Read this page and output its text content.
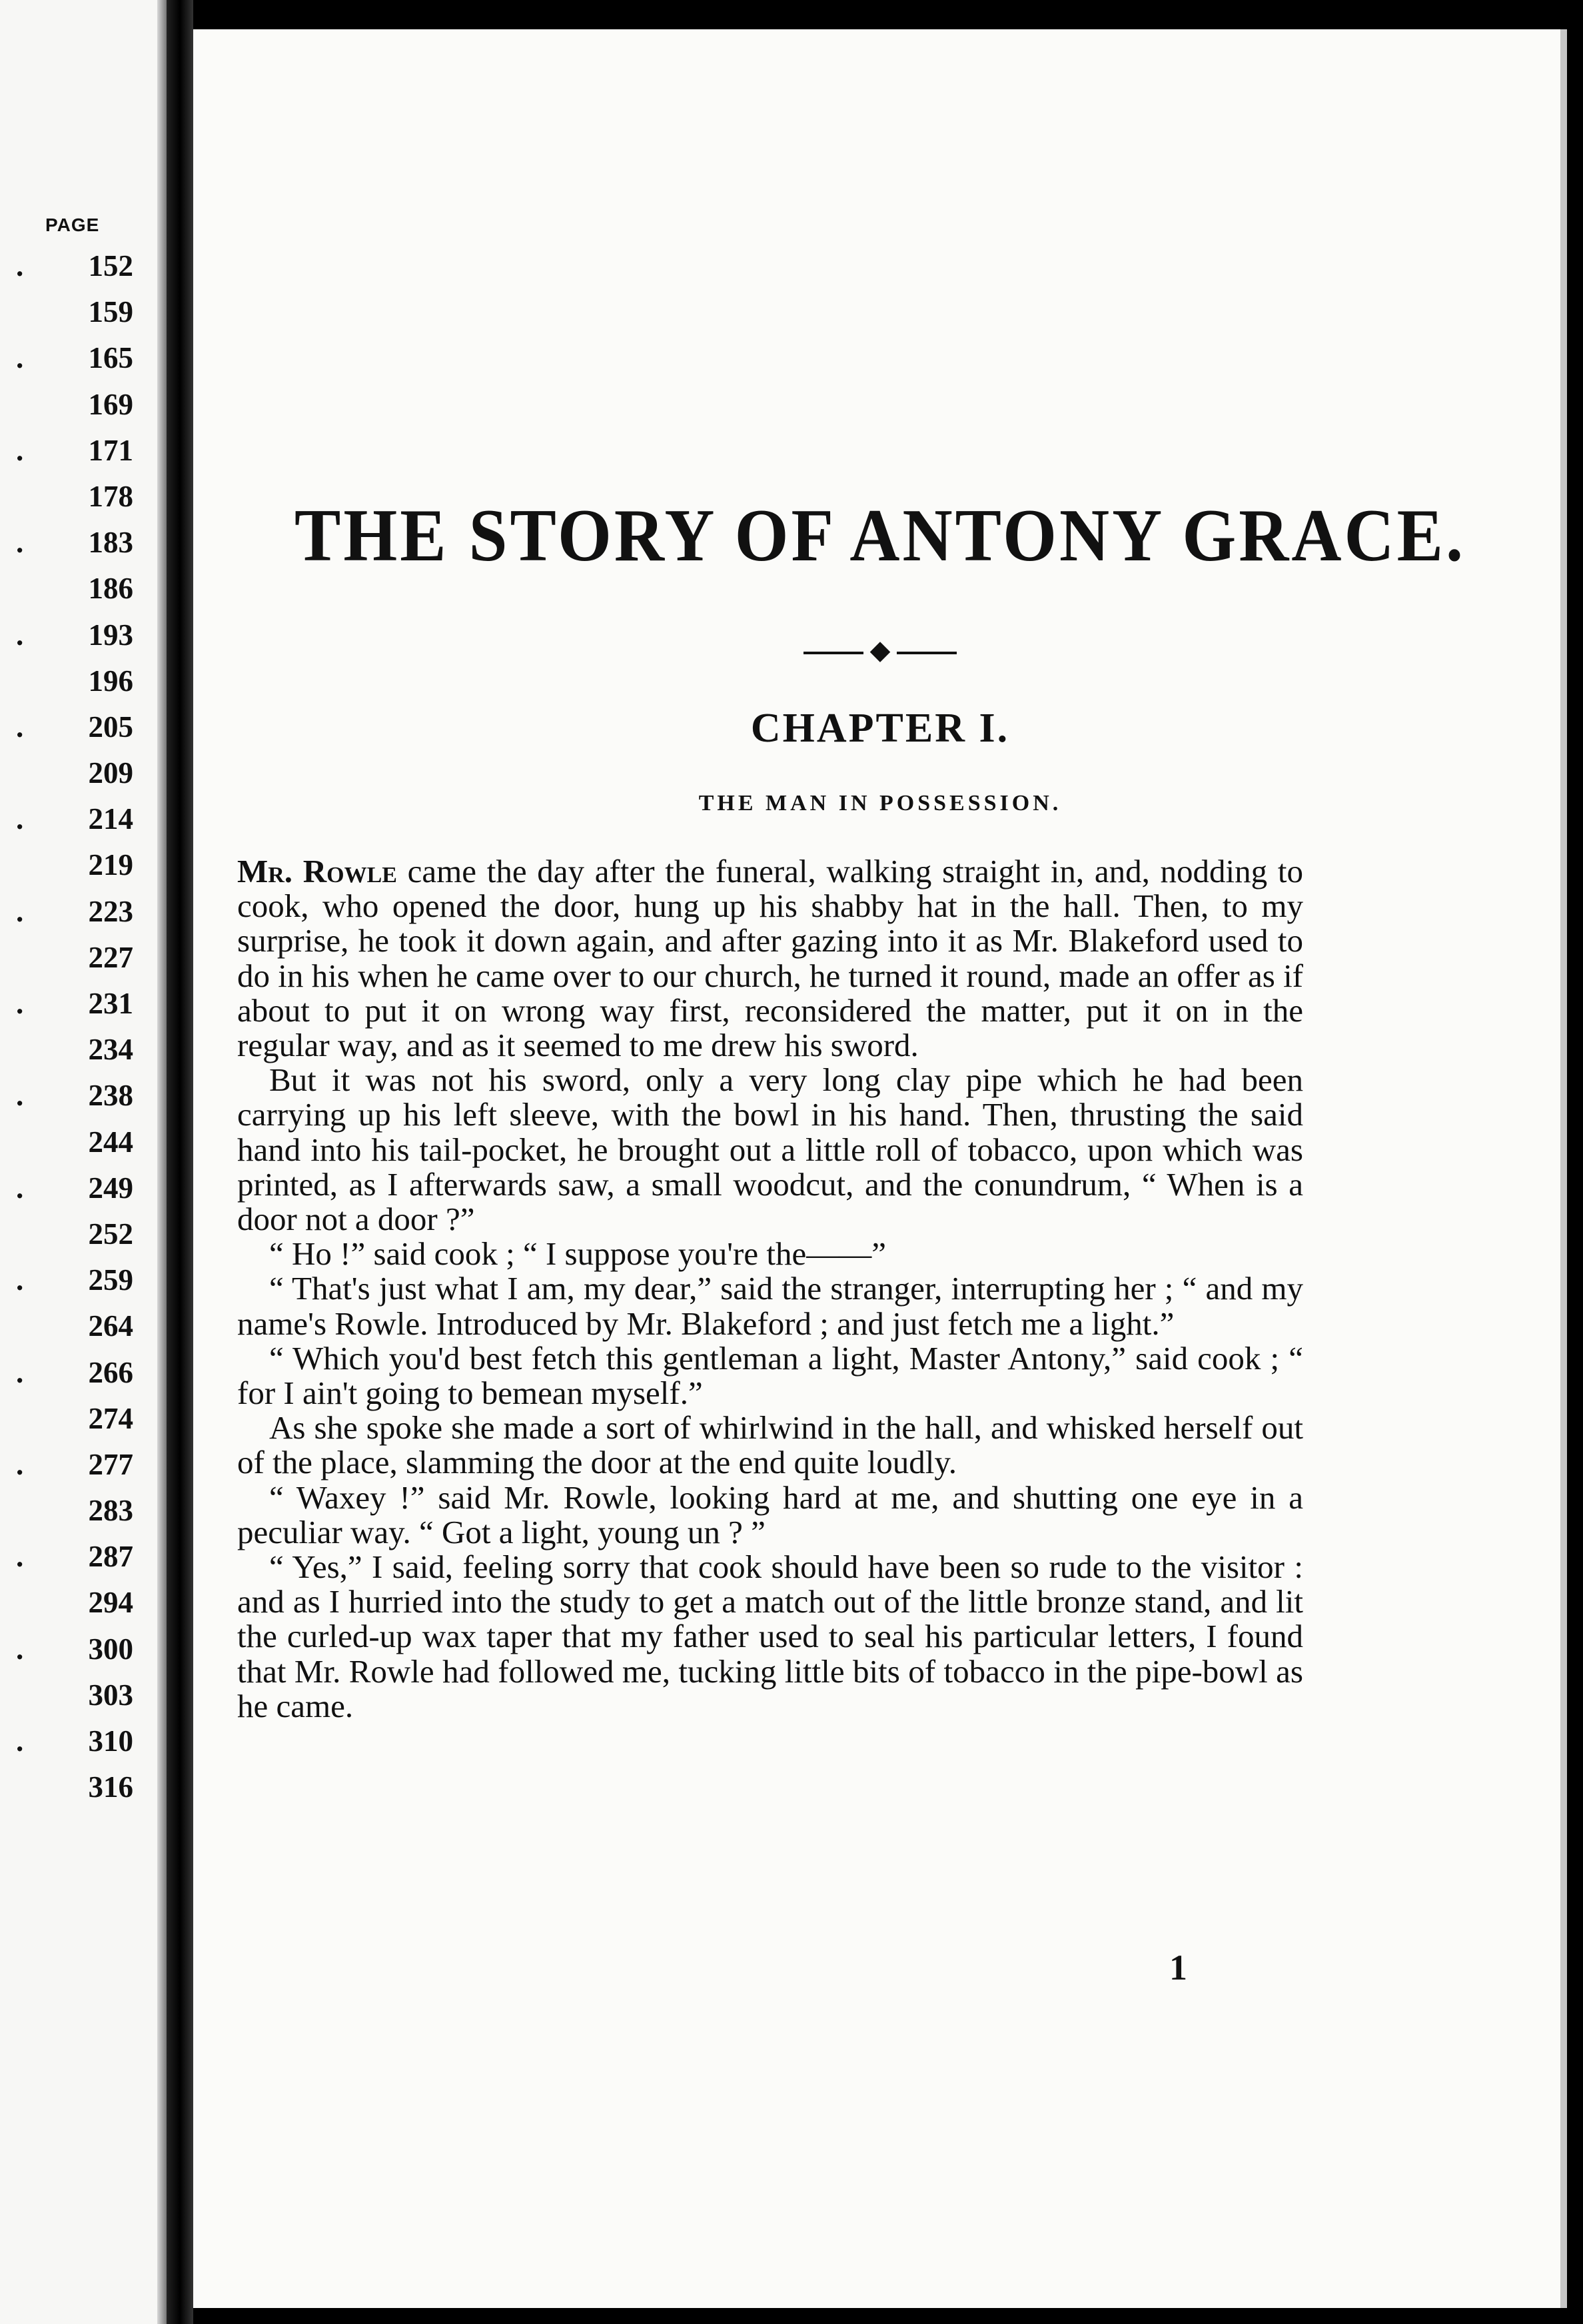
PAGE
. 152
159
. 165
169
. 171
178
. 183
186
. 193
196
. 205
209
. 214
219
. 223
227
. 231
234
. 238
244
. 249
252
. 259
264
. 266
274
. 277
283
. 287
294
. 300
303
. 310
316
THE STORY OF ANTONY GRACE.
◆
CHAPTER I.
THE MAN IN POSSESSION.

Mr. Rowle came the day after the funeral, walking straight in, and, nodding to cook, who opened the door, hung up his shabby hat in the hall. Then, to my surprise, he took it down again, and after gazing into it as Mr. Blakeford used to do in his when he came over to our church, he turned it round, made an offer as if about to put it on wrong way first, reconsidered the matter, put it on in the regular way, and as it seemed to me drew his sword.

But it was not his sword, only a very long clay pipe which he had been carrying up his left sleeve, with the bowl in his hand. Then, thrusting the said hand into his tail-pocket, he brought out a little roll of tobacco, upon which was printed, as I afterwards saw, a small woodcut, and the conundrum, “ When is a door not a door ?”

“ Ho !” said cook ; “ I suppose you're the——”

“ That's just what I am, my dear,” said the stranger, interrupting her ; “ and my name's Rowle. Introduced by Mr. Blakeford ; and just fetch me a light.”

“ Which you'd best fetch this gentleman a light, Master Antony,” said cook ; “ for I ain't going to bemean myself.”

As she spoke she made a sort of whirlwind in the hall, and whisked herself out of the place, slamming the door at the end quite loudly.

“ Waxey !” said Mr. Rowle, looking hard at me, and shutting one eye in a peculiar way. “ Got a light, young un ? ”

“ Yes,” I said, feeling sorry that cook should have been so rude to the visitor : and as I hurried into the study to get a match out of the little bronze stand, and lit the curled-up wax taper that my father used to seal his particular letters, I found that Mr. Rowle had followed me, tucking little bits of tobacco in the pipe-bowl as he came.

1
